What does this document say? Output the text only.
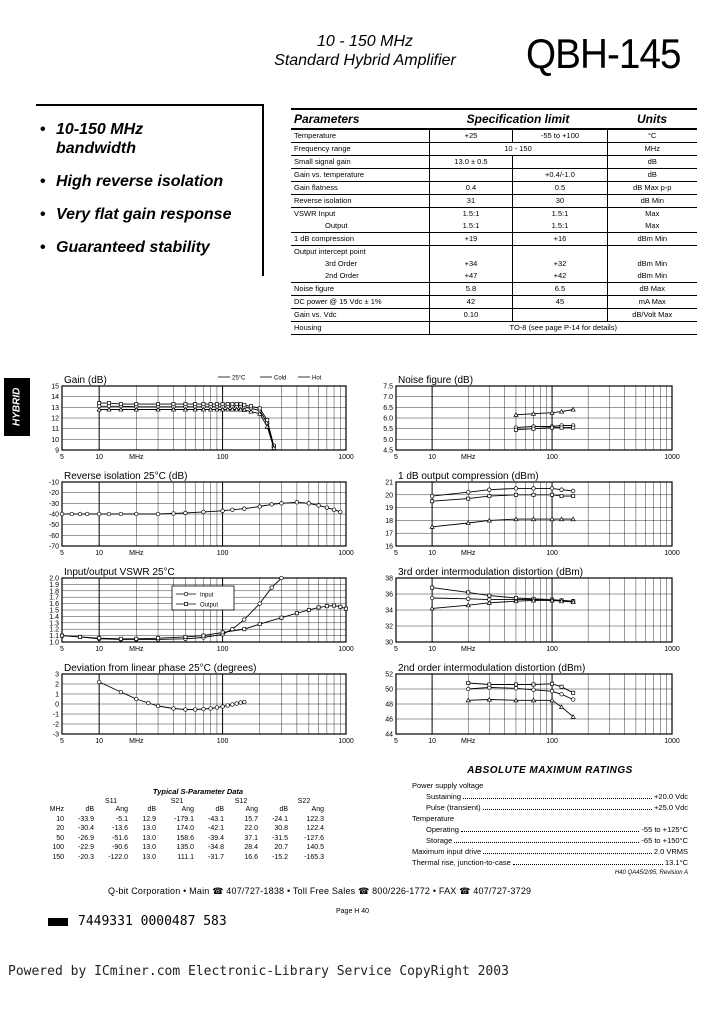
10 - 150 MHz
Standard Hybrid Amplifier	QBH-145
• 10-150 MHz
bandwidth
• High reverse isolation
• Very flat gain response
• Guaranteed stability
Parameters	Specification limit		Units
Temperature	+25	-55 to +100	°C
Frequency range	10 - 150		MHz
Small signal gain	13.0 ± 0.5		dB
Gain vs. temperature		+0.4/-1.0	dB
Gain flatness	0.4	0.5	dB Max p-p
Reverse isolation	31	30	dB Min
VSWR Input	1.5:1	1.5:1	Max
Output	1.5:1	1.5:1	Max
1 dB compression	+19	+16	dBm Min
Output intercept point			
3rd Order	+34	+32	dBm Min
2nd Order	+47	+42	dBm Min
Noise figure	5.8	6.5	dB Max
DC power @ 15 Vdc ± 1%	42	45	mA Max
Gain vs. Vdc	0.10		dB/Volt Max
Housing	TO-8 (see page P-14 for details)		
HYBRID
15
14
13
12
11
10
9
5	10	MHz	100	1000
Gain (dB)
7.5
7.0
6.5
6.0
5.5
5.0
4.5
5	10	MHz	100	1000
Noise figure (dB)
-10
-20
-30
-40
-50
-60
-70
5	10	MHz	100	1000
Reverse isolation 25°C (dB)
21
20
19
18
17
16
5	10	MHz	100	1000
1 dB output compression (dBm)
2.0
1.9
1.8
1.7
1.6
1.5
1.4
1.3
1.2
1.1
1.0
5	10	MHz	100	1000
Input/output VSWR 25°C
38
36
34
32
30
5	10	MHz	100	1000
3rd order intermodulation distortion (dBm)
3
2
1
0
-1
-2
-3
5	10	MHz	100	1000
Deviation from linear phase 25°C (degrees)
52
50
48
46
44
5	10	MHz	100	1000
2nd order intermodulation distortion (dBm)
25°C	Cold	Hot
Input
Output
Typical S-Parameter Data
S11	S21	S12	S22
MHz	dB	Ang	dB	Ang	dB	Ang	dB	Ang
10	-33.9	-5.1	12.9	-179.1	-43.1	15.7	-24.1	122.3
20	-30.4	-13.6	13.0	174.0	-42.1	22.0	30.8	122.4
50	-26.9	-51.6	13.0	158.6	-39.4	37.1	-31.5	-127.6
100	-22.9	-90.6	13.0	135.0	-34.8	28.4	20.7	140.5
150	-20.3	-122.0	13.0	111.1	-31.7	16.6	-15.2	-165.3
ABSOLUTE MAXIMUM RATINGS
Power supply voltage
Sustaining	+20.0 Vdc
Pulse (transient)	+25.0 Vdc
Temperature
Operating	-55 to +125°C
Storage	-65 to +150°C
Maximum input drive	2.0 VRMS
Thermal rise, junction-to-case	13.1°C
H40 QA45/2/95, Revision A
Q-bit Corporation • Main ☎ 407/727-1838 • Toll Free Sales ☎ 800/226-1772 • FAX ☎ 407/727-3729
Page H 40
7449331 0000487 583
Powered by ICminer.com Electronic-Library Service CopyRight 2003
